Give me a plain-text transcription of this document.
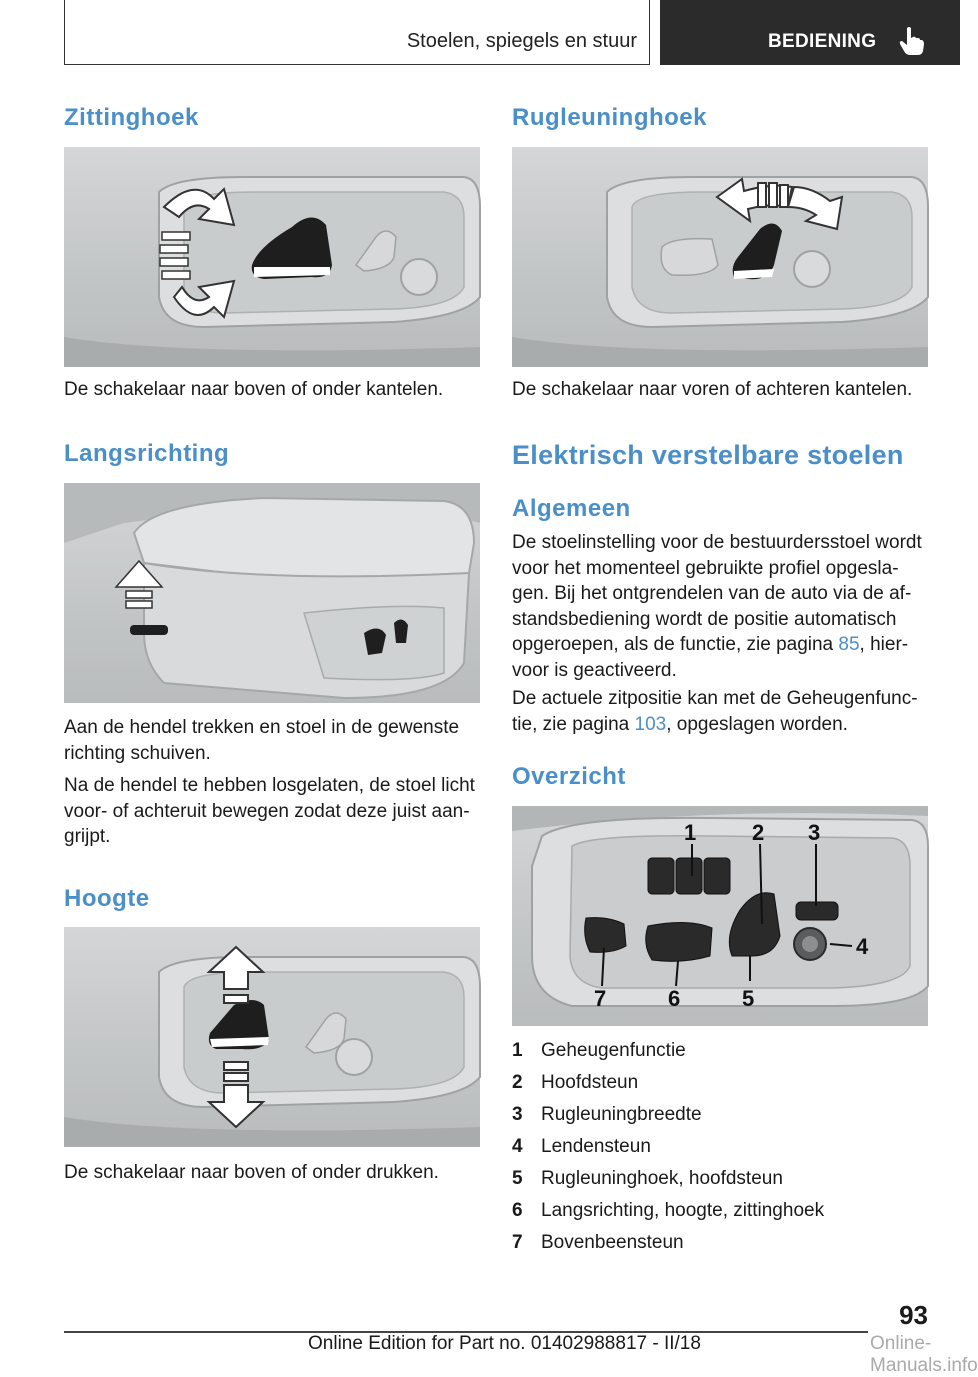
Stoelen, spiegels en stuur	BEDIENING
Zittinghoek
De schakelaar naar boven of onder kantelen.
Langsrichting
Aan de hendel trekken en stoel in de gewenste richting schuiven.
Na de hendel te hebben losgelaten, de stoel licht voor- of achteruit bewegen zodat deze juist aan-grijpt.
Hoogte
De schakelaar naar boven of onder drukken.
Rugleuninghoek
De schakelaar naar voren of achteren kantelen.
Elektrisch verstelbare stoelen
Algemeen
De stoelinstelling voor de bestuurdersstoel wordt voor het momenteel gebruikte profiel opgesla-gen. Bij het ontgrendelen van de auto via de af-standsbediening wordt de positie automatisch opgeroepen, als de functie, zie pagina 85, hier-voor is geactiveerd.
De actuele zitpositie kan met de Geheugenfunc-tie, zie pagina 103, opgeslagen worden.
Overzicht
1	2 3
4
5
6
7
1 Geheugenfunctie
2 Hoofdsteun
3 Rugleuningbreedte
4 Lendensteun
5 Rugleuninghoek, hoofdsteun
6 Langsrichting, hoogte, zittinghoek
7 Bovenbeensteun
93
Online Edition for Part no. 01402988817 - II/18	Online-Manuals.info
